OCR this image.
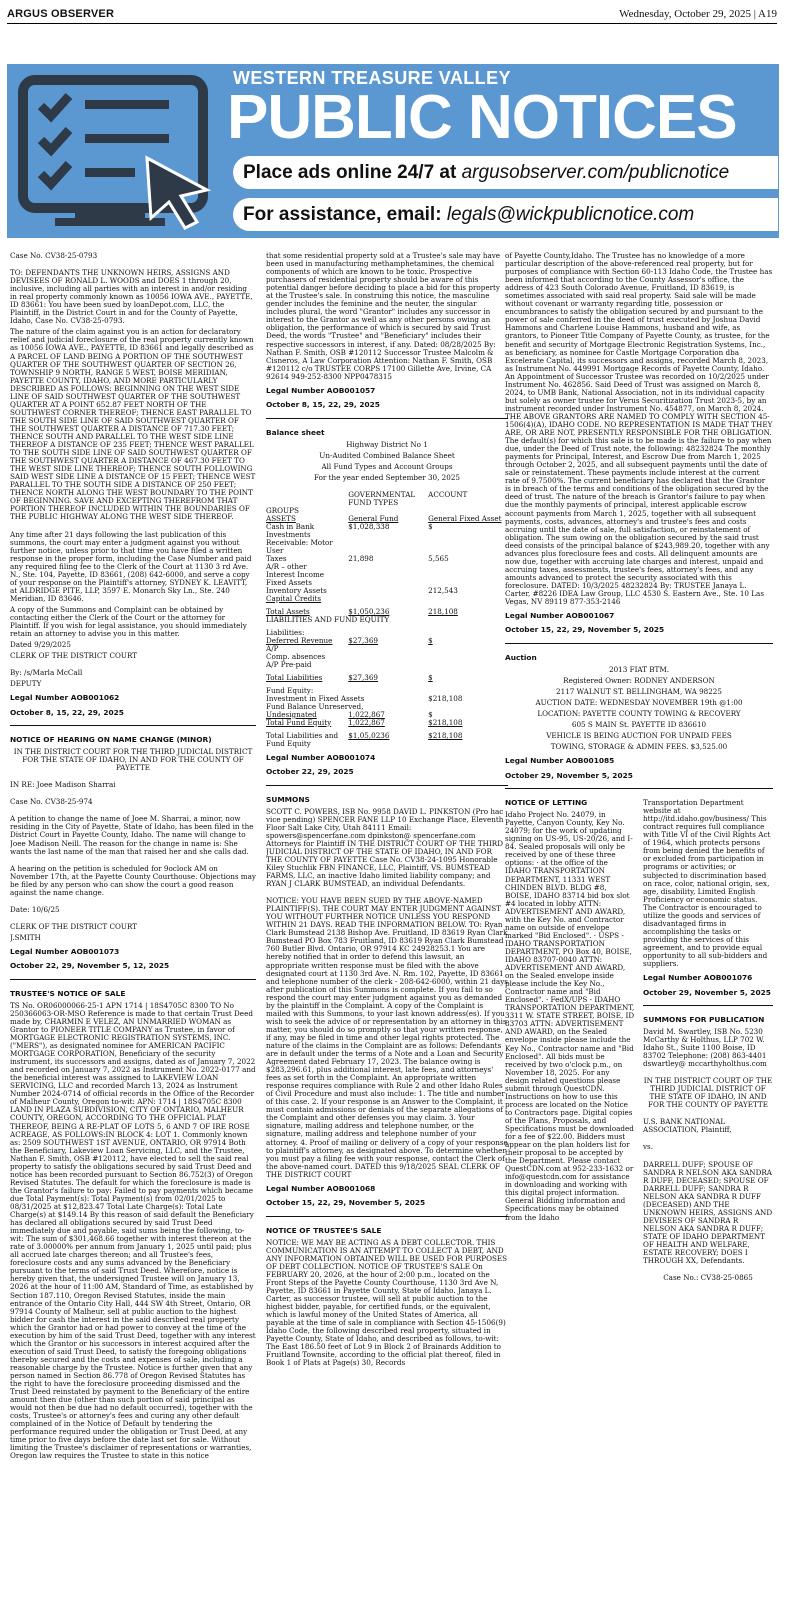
ARGUS OBSERVER	Wednesday, October 29, 2025 | A19
WESTERN TREASURE VALLEY
PUBLIC NOTICES
Place ads online 24/7 at
argusobserver.com/publicnotice
For assistance, email:
legals@wickpublicnotice.com

Case No. CV38-25-0793

TO: DEFENDANTS THE UNKNOWN HEIRS, ASSIGNS AND DEVISEES OF RONALD L. WOODS and DOES 1 through 20, inclusive, including all parties with an interest in and/or residing in real property commonly known as 10056 IOWA AVE., PAYETTE, ID 83661: You have been sued by loanDepot.com, LLC, the Plaintiff, in the District Court in and for the County of Payette, Idaho, Case No. CV38-25-0793.

The nature of the claim against you is an action for declaratory relief and judicial foreclosure of the real property currently known as 10056 IOWA AVE., PAYETTE, ID 83661 and legally described as A PARCEL OF LAND BEING A PORTION OF THE SOUTHWEST QUARTER OF THE SOUTHWEST QUARTER OF SECTION 26, TOWNSHIP 9 NORTH, RANGE 5 WEST, BOISE MERIDIAN, PAYETTE COUNTY, IDAHO, AND MORE PARTICULARLY DESCRIBED AS FOLLOWS: BEGINNING ON THE WEST SIDE LINE OF SAID SOUTHWEST QUARTER OF THE SOUTHWEST QUARTER AT A POINT 652.87 FEET NORTH OF THE SOUTHWEST CORNER THEREOF; THENCE EAST PARALLEL TO THE SOUTH SIDE LINE OF SAID SOUTHWEST QUARTER OF THE SOUTHWEST QUARTER A DISTANCE OF 717.30 FEET; THENCE SOUTH AND PARALLEL TO THE WEST SIDE LINE THEREOF A DISTANCE OF 235 FEET; THENCE WEST PARALLEL TO THE SOUTH SIDE LINE OF SAID SOUTHWEST QUARTER OF THE SOUTHWEST QUARTER A DISTANCE OF 467.30 FEET TO THE WEST SIDE LINE THEREOF; THENCE SOUTH FOLLOWING SAID WEST SIDE LINE A DISTANCE OF 15 FEET; THENCE WEST PARALLEL TO THE SOUTH SIDE A DISTANCE OF 250 FEET; THENCE NORTH ALONG THE WEST BOUNDARY TO THE POINT OF BEGINNING. SAVE AND EXCEPTING THEREFROM THAT PORTION THEREOF INCLUDED WITHIN THE BOUNDARIES OF THE PUBLIC HIGHWAY ALONG THE WEST SIDE THEREOF.

Any time after 21 days following the last publication of this summons, the court may enter a judgment against you without further notice, unless prior to that time you have filed a written response in the proper form, including the Case Number and paid any required filing fee to the Clerk of the Court at 1130 3 rd Ave. N., Ste. 104, Payette, ID 83661, (208) 642-6000, and serve a copy of your response on the Plaintiff's attorney, SYDNEY K. LEAVITT, at ALDRIDGE PITE, LLP, 3597 E. Monarch Sky Ln., Ste. 240 Meridian, ID 83646.

A copy of the Summons and Complaint can be obtained by contacting either the Clerk of the Court or the attorney for Plaintiff. If you wish for legal assistance, you should immediately retain an attorney to advise you in this matter.

Dated 9/29/2025

CLERK OF THE DISTRICT COURT

By: /s/Marla McCall

DEPUTY

Legal Number AOB001062

October 8, 15, 22, 29, 2025

NOTICE OF HEARING ON NAME CHANGE (MINOR)

IN THE DISTRICT COURT FOR THE THIRD JUDICIAL DISTRICT FOR THE STATE OF IDAHO, IN AND FOR THE COUNTY OF PAYETTE

IN RE: Joee Madison Sharrai

Case No. CV38-25-974

A petition to change the name of Joee M. Sharrai, a minor, now residing in the City of Payette, State of Idaho, has been filed in the District Court in Payette County, Idaho. The name will change to Joee Madison Neill. The reason for the change in name is: She wants the last name of the man that raised her and she calls dad.

A hearing on the petition is scheduled for 9oclock AM on November 17th, at the Payette County Courthouse. Objections may be filed by any person who can show the court a good reason against the name change.

Date: 10/6/25

CLERK OF THE DISTRICT COURT

J.SMITH

Legal Number AOB001073

October 22, 29, November 5, 12, 2025

TRUSTEE'S NOTICE OF SALE

TS No. OR06000066-25-1 APN 1714 | 18S4705C 8300 TO No 250366063-OR-MSO Reference is made to that certain Trust Deed made by, CHARMIN E VELEZ, AN UNMARRIED WOMAN as Grantor to PIONEER TITLE COMPANY as Trustee, in favor of MORTGAGE ELECTRONIC REGISTRATION SYSTEMS, INC. ("MERS"), as designated nominee for AMERICAN PACIFIC MORTGAGE CORPORATION, Beneficiary of the security instrument, its successors and assigns, dated as of January 7, 2022 and recorded on January 7, 2022 as Instrument No. 2022-0177 and the beneficial interest was assigned to LAKEVIEW LOAN SERVICING, LLC and recorded March 13, 2024 as Instrument Number 2024-0714 of official records in the Office of the Recorder of Malheur County, Oregon to-wit: APN: 1714 | 18S4705C 8300 LAND IN PLAZA SUBDIVISION, CITY OF ONTARIO, MALHEUR COUNTY, OREGON, ACCORDING TO THE OFFICIAL PLAT THEREOF, BEING A RE-PLAT OF LOTS 5, 6 AND 7 OF IRE ROSE ACREAGE, AS FOLLOWS:IN BLOCK 4: LOT 1. Commonly known as: 2509 SOUTHWEST 1ST AVENUE, ONTARIO, OR 97914 Both the Beneficiary, Lakeview Loan Servicing, LLC, and the Trustee, Nathan F. Smith, OSB #120112, have elected to sell the said real property to satisfy the obligations secured by said Trust Deed and notice has been recorded pursuant to Section 86.752(3) of Oregon Revised Statutes. The default for which the foreclosure is made is the Grantor's failure to pay: Failed to pay payments which became due Total Payment(s): Total Payment(s) from 02/01/2025 to 08/31/2025 at $12,823.47 Total Late Charge(s): Total Late Charge(s) at $149.14 By this reason of said default the Beneficiary has declared all obligations secured by said Trust Deed immediately due and payable, said sums being the following, to-wit: The sum of $301,468.66 together with interest thereon at the rate of 3.00000% per annum from January 1, 2025 until paid; plus all accrued late charges thereon; and all Trustee's fees, foreclosure costs and any sums advanced by the Beneficiary pursuant to the terms of said Trust Deed. Wherefore, notice is hereby given that, the undersigned Trustee will on January 13, 2026 at the hour of 11:00 AM, Standard of Time, as established by Section 187.110, Oregon Revised Statutes, inside the main entrance of the Ontario City Hall, 444 SW 4th Street, Ontario, OR 97914 County of Malheur, sell at public auction to the highest bidder for cash the interest in the said described real property which the Grantor had or had power to convey at the time of the execution by him of the said Trust Deed, together with any interest which the Grantor or his successors in interest acquired after the execution of said Trust Deed, to satisfy the foregoing obligations thereby secured and the costs and expenses of sale, including a reasonable charge by the Trustee. Notice is further given that any person named in Section 86.778 of Oregon Revised Statutes has the right to have the foreclosure proceeding dismissed and the Trust Deed reinstated by payment to the Beneficiary of the entire amount then due (other than such portion of said principal as would not then be due had no default occurred), together with the costs, Trustee's or attorney's fees and curing any other default complained of in the Notice of Default by tendering the performance required under the obligation or Trust Deed, at any time prior to five days before the date last set for sale. Without limiting the Trustee's disclaimer of representations or warranties, Oregon law requires the Trustee to state in this notice

that some residential property sold at a Trustee's sale may have been used in manufacturing methamphetamines, the chemical components of which are known to be toxic. Prospective purchasers of residential property should be aware of this potential danger before deciding to place a bid for this property at the Trustee's sale. In construing this notice, the masculine gender includes the feminine and the neuter, the singular includes plural, the word "Grantor" includes any successor in interest to the Grantor as well as any other persons owing an obligation, the performance of which is secured by said Trust Deed, the words "Trustee" and "Beneficiary" includes their respective successors in interest, if any. Dated: 08/28/2025 By: Nathan F. Smith, OSB #120112 Successor Trustee Malcolm & Cisneros, A Law Corporation Attention: Nathan F. Smith, OSB #120112 c/o TRUSTEE CORPS 17100 Gillette Ave, Irvine, CA 92614 949-252-8300 NPP0478315

Legal Number AOB001057

October 8, 15, 22, 29, 2025

Balance sheet

Highway District No 1

Un-Audited Combined Balance Sheet

All Fund Types and Account Groups

For the year ended September 30, 2025

	GOVERNMENTAL FUND TYPES	ACCOUNT
GROUPS		
ASSETS	General Fund	General Fixed Asset
Cash in Bank Investments	$1,028,338	$
Receivable: Motor User		
Taxes	21,898	5,565
A/R – other		
Interest Income Fixed Assets		
Inventory Assets		212,543
Capital Credits		

Total Assets	$1,050,236	218,108
LIABILITIES AND FUND EQUITY		

Liabilities:		
Deferred Revenue	$27,369	$
A/P		
Comp. absences		
A/P Pre-paid		

Total Liabilities	$27,369	$

Fund Equity:		
Investment in Fixed Assets		$218,108
Fund Balance Unreserved,		
Undesignated	1,022,867	$
Total Fund Equity	1,022,867	$218,108

Total Liabilities and Fund Equity	$1,05,0236	$218,108

Legal Number AOB001074

October 22, 29, 2025

SUMMONS

SCOTT C. POWERS, ISB No. 9958 DAVID L. PINKSTON (Pro hac vice pending) SPENCER FANE LLP 10 Exchange Place, Eleventh Floor Salt Lake City, Utah 84111 Email: spowers@spencerfane.com dpinkston@ spencerfane.com Attorneys for Plaintiff IN THE DISTRICT COURT OF THE THIRD JUDICIAL DISTRICT OF THE STATE OF IDAHO, IN AND FOR THE COUNTY OF PAYETTE Case No. CV38-24-1095 Honorable Kiley Stuchlik FBN FINANCE, LLC, Plaintiff, VS. BUMSTEAD FARMS, LLC, an inactive Idaho limited liability company; and RYAN J CLARK BUMSTEAD, an individual Defendants.

NOTICE: YOU HAVE BEEN SUED BY THE ABOVE-NAMED PLAINTIFF(S). THE COURT MAY ENTER JUDGMENT AGAINST YOU WITHOUT FURTHER NOTICE UNLESS YOU RESPOND WITHIN 21 DAYS. READ THE INFORMATION BELOW. TO: Ryan Clark Bumstead 2138 Bishop Ave. Fruitland, ID 83619 Ryan Clark Bumstead PO Box 783 Fruitland, ID 83619 Ryan Clark Bumstead 760 Butler Blvd. Ontario, OR 97914 KC 24928253.1 You are hereby notified that in order to defend this lawsuit, an appropriate written response must be filed with the above designated court at 1130 3rd Ave. N. Rm. 102, Payette, ID 83661 and telephone number of the clerk - 208-642-6000, within 21 days after publication of this Summons is complete. If you fail to so respond the court may enter judgment against you as demanded by the plaintiff in the Complaint. A copy of the Complaint is mailed with this Summons, to your last known address(es). If you wish to seek the advice of or representation by an attorney in this matter, you should do so promptly so that your written response, if any, may be filed in time and other legal rights protected. The nature of the claims in the Complaint are as follows: Defendants are in default under the terms of a Note and a Loan and Security Agreement dated February 17, 2023. The balance owing is $283,296.61, plus additional interest, late fees, and attorneys' fees as set forth in the Complaint. An appropriate written response requires compliance with Rule 2 and other Idaho Rules of Civil Procedure and must also include: 1. The title and number of this case. 2. If your response is an Answer to the Complaint, it must contain admissions or denials of the separate allegations of the Complaint and other defenses you may claim. 3. Your signature, mailing address and telephone number, or the signature, mailing address and telephone number of your attorney. 4. Proof of mailing or delivery of a copy of your response to plaintiff's attorney, as designated above. To determine whether you must pay a filing fee with your response, contact the Clerk of the above-named court. DATED this 9/18/2025 SEAL CLERK OF THE DISTRICT COURT

Legal Number AOB001068

October 15, 22, 29, November 5, 2025

NOTICE OF TRUSTEE'S SALE

NOTICE: WE MAY BE ACTING AS A DEBT COLLECTOR. THIS COMMUNICATION IS AN ATTEMPT TO COLLECT A DEBT, AND ANY INFORMATION OBTAINED WILL BE USED FOR PURPOSES OF DEBT COLLECTION. NOTICE OF TRUSTEE'S SALE On FEBRUARY 20, 2026, at the hour of 2:00 p.m., located on the Front Steps of the Payette County Courthouse, 1130 3rd Ave N, Payette, ID 83661 in Payette County, State of Idaho. Janaya L. Carter, as successor trustee, will sell at public auction to the highest bidder, payable, for certified funds, or the equivalent, which is lawful money of the United States of America, all payable at the time of sale in compliance with Section 45-1506(9) Idaho Code, the following described real property, situated in Payette County, State of Idaho, and described as follows, to-wit: The East 186.50 feet of Lot 9 in Block 2 of Brainards Addition to Fruitland Townsite, according to the official plat thereof, filed in Book 1 of Plats at Page(s) 30, Records

of Payette County,Idaho. The Trustee has no knowledge of a more particular description of the above-referenced real property, but for purposes of compliance with Section 60-113 Idaho Code, the Trustee has been informed that according to the County Assessor's office, the address of 423 South Colorado Avenue, Fruitland, ID 83619, is sometimes associated with said real property. Said sale will be made without covenant or warranty regarding title, possession or encumbrances to satisfy the obligation secured by and pursuant to the power of sale conferred in the deed of trust executed by Joshua David Hammons and Charlene Louise Hammons, husband and wife, as grantors, to Pioneer Title Company of Payette County, as trustee, for the benefit and security of Mortgage Electronic Registration Systems, Inc., as beneficiary, as nominee for Castle Mortgage Corporation dba Excelerate Capital, its successors and assigns, recorded March 8, 2023, as Instrument No. 449991 Mortgage Records of Payette County, Idaho. An Appointment of Successor Trustee was recorded on 10/2/2025 under Instrument No. 462856. Said Deed of Trust was assigned on March 8, 2024, to UMB Bank, National Association, not in its individual capacity but solely as owner trustee for Verus Securitization Trust 2023-5, by an instrument recorded under Instrument No. 454877, on March 8, 2024. THE ABOVE GRANTORS ARE NAMED TO COMPLY WITH SECTION 45-1506(4)(A), IDAHO CODE. NO REPRESENTATION IS MADE THAT THEY ARE, OR ARE NOT, PRESENTLY RESPONSIBLE FOR THE OBLIGATION. The default(s) for which this sale is to be made is the failure to pay when due, under the Deed of Trust note, the following: 48232824 The monthly payments for Principal, Interest, and Escrow Due from March 1, 2025 through October 2, 2025, and all subsequent payments until the date of sale or reinstatement. These payments include interest at the current rate of 9.7500%. The current beneficiary has declared that the Grantor is in breach of the terms and conditions of the obligation secured by the deed of trust. The nature of the breach is Grantor's failure to pay when due the monthly payments of principal, interest applicable escrow account payments from March 1, 2025, together with all subsequent payments, costs, advances, attorney's and trustee's fees and costs accruing until the date of sale, full satisfaction, or reinstatement of obligation. The sum owing on the obligation secured by the said trust deed consists of the principal balance of $243,989.20, together with any advances plus foreclosure fees and costs. All delinquent amounts are now due, together with accruing late charges and interest, unpaid and accruing taxes, assessments, trustee's fees, attorney's fees, and any amounts advanced to protect the security associated with this foreclosure. DATED: 10/3/2025 48232824 By: TRUSTEE Janaya L. Carter, #8226 IDEA Law Group, LLC 4530 S. Eastern Ave., Ste. 10 Las Vegas, NV 89119 877-353-2146

Legal Number AOB001067

October 15, 22, 29, November 5, 2025

Auction

2013 FIAT BTM.

Registered Owner: RODNEY ANDERSON

2117 WALNUT ST. BELLINGHAM, WA 98225

AUCTION DATE: WEDNESDAY NOVEMBER 19th @1:00

LOCATION: PAYETTE COUNTY TOWING & RECOVERY

605 S MAIN St. PAYETTE ID 836610

VEHICLE IS BEING AUCTION FOR UNPAID FEES

TOWING, STORAGE & ADMIN FEES. $3,525.00

Legal Number AOB001085

October 29, November 5, 2025

NOTICE OF LETTING

Idaho Project No. 24079, in Payette, Canyon County, Key No. 24079; for the work of updating signing on US-95, US-20/26, and I-84. Sealed proposals will only be received by one of these three options: · at the office of the IDAHO TRANSPORTATION DEPARTMENT, 11331 WEST CHINDEN BLVD. BLDG #8, BOISE, IDAHO 83714 bid box slot #4 located in lobby ATTN: ADVERTISEMENT AND AWARD, with the Key No. and Contractor name on outside of envelope marked "Bid Enclosed". · USPS - IDAHO TRANSPORTATION DEPARTMENT, PO Box 40, BOISE, IDAHO 83707-0040 ATTN: ADVERTISEMENT AND AWARD, on the Sealed envelope inside please include the Key No., Contractor name and "Bid Enclosed". · FedX/UPS - IDAHO TRANSPORTATION DEPARTMENT, 3311 W. STATE STREET, BOISE, ID 83703 ATTN: ADVERTISEMENT AND AWARD, on the Sealed envelope inside please include the Key No., Contractor name and "Bid Enclosed". All bids must be received by two o'clock p.m., on November 18, 2025. For any design related questions please submit through QuestCDN. Instructions on how to use this process are located on the Notice to Contractors page. Digital copies of the Plans, Proposals, and Specifications must be downloaded for a fee of $22.00. Bidders must appear on the plan holders list for their proposal to be accepted by the Department. Please contact QuestCDN.com at 952-233-1632 or info@questcdn.com for assistance in downloading and working with this digital project information. General Bidding information and Specifications may be obtained from the Idaho

Transportation Department website at http://itd.idaho.gov/business/ This contract requires full compliance with Title VI of the Civil Rights Act of 1964, which protects persons from being denied the benefits of or excluded from participation in programs or activities; or subjected to discrimination based on race, color, national origin, sex, age, disability, Limited English Proficiency or economic status. The Contractor is encouraged to utilize the goods and services of disadvantaged firms in accomplishing the tasks or providing the services of this agreement, and to provide equal opportunity to all sub-bidders and suppliers.

Legal Number AOB001076

October 29, November 5, 2025

SUMMONS FOR PUBLICATION

David M. Swartley, ISB No. 5230 McCarthy & Holthus, LLP 702 W. Idaho St., Suite 1100 Boise, ID 83702 Telephone: (208) 863-4401 dswartley@ mccarthyholthus.com

IN THE DISTRICT COURT OF THE THIRD JUDICIAL DISTRICT OF THE STATE OF IDAHO, IN AND FOR THE COUNTY OF PAYETTE

U.S. BANK NATIONAL ASSOCIATION, Plaintiff,

vs.

DARRELL DUFF; SPOUSE OF SANDRA R NELSON AKA SANDRA R DUFF, DECEASED; SPOUSE OF DARRELL DUFF; SANDRA R NELSON AKA SANDRA R DUFF (DECEASED) AND THE UNKNOWN HEIRS, ASSIGNS AND DEVISEES OF SANDRA R NELSON AKA SANDRA R DUFF; STATE OF IDAHO DEPARTMENT OF HEALTH AND WELFARE, ESTATE RECOVERY; DOES I THROUGH XX, Defendants.

Case No.: CV38-25-0865
